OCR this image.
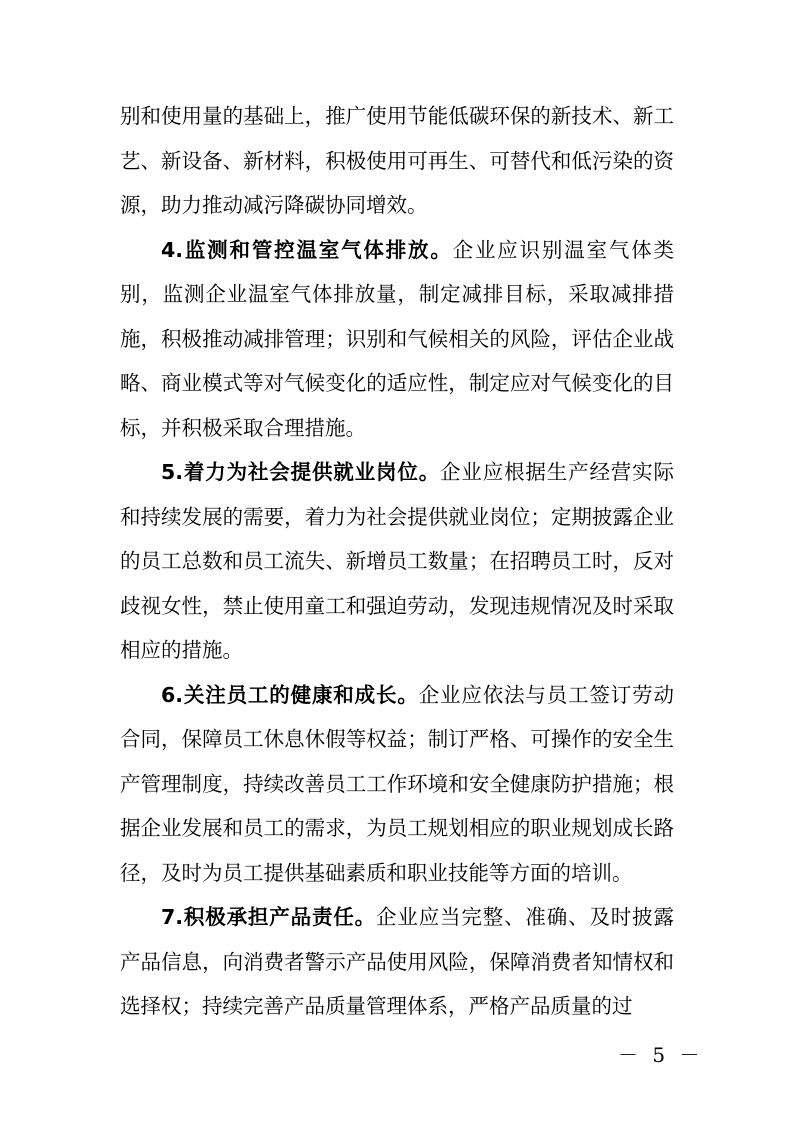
别和使用量的基础上，推广使用节能低碳环保的新技术、新工艺、新设备、新材料，积极使用可再生、可替代和低污染的资源，助力推动减污降碳协同增效。

4.监测和管控温室气体排放。企业应识别温室气体类别，监测企业温室气体排放量，制定减排目标，采取减排措施，积极推动减排管理；识别和气候相关的风险，评估企业战略、商业模式等对气候变化的适应性，制定应对气候变化的目标，并积极采取合理措施。

5.着力为社会提供就业岗位。企业应根据生产经营实际和持续发展的需要，着力为社会提供就业岗位；定期披露企业的员工总数和员工流失、新增员工数量；在招聘员工时，反对歧视女性，禁止使用童工和强迫劳动，发现违规情况及时采取相应的措施。

6.关注员工的健康和成长。企业应依法与员工签订劳动合同，保障员工休息休假等权益；制订严格、可操作的安全生产管理制度，持续改善员工工作环境和安全健康防护措施；根据企业发展和员工的需求，为员工规划相应的职业规划成长路径，及时为员工提供基础素质和职业技能等方面的培训。

7.积极承担产品责任。企业应当完整、准确、及时披露产品信息，向消费者警示产品使用风险，保障消费者知情权和选择权；持续完善产品质量管理体系，严格产品质量的过

－ 5 －
